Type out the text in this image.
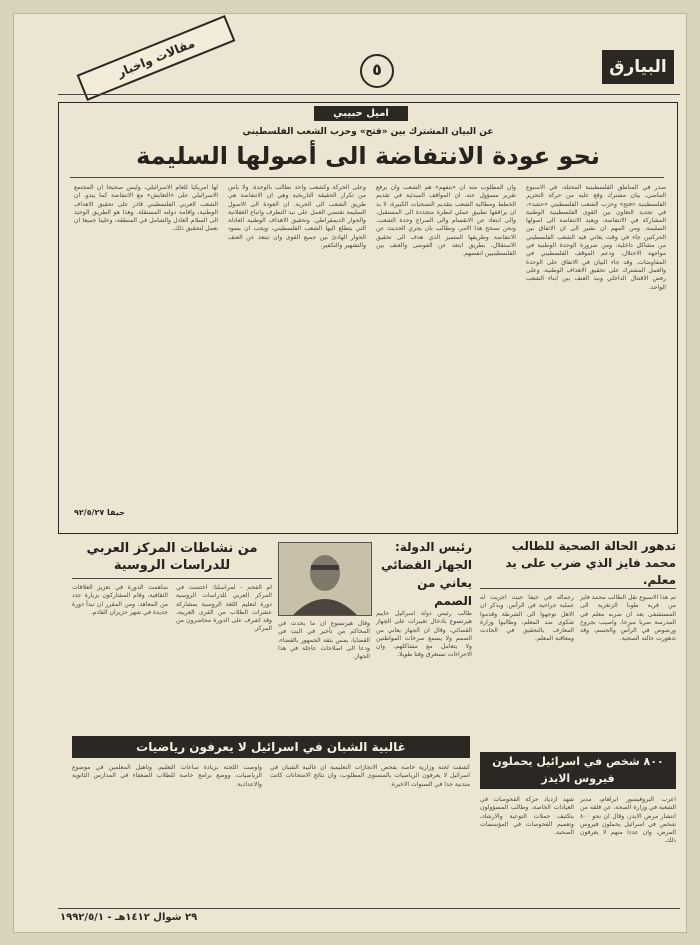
مقالات واخبار	٥	البيارق
اميل حبيبي
عن البيان المشترك بين «فتح» وحزب الشعب الفلسطيني
نحو عودة الانتفاضة الى أصولها السليمة
صدر في المناطق الفلسطينية المحتلة، في الاسبوع الماضي، بيان مشترك وقع عليه من حركة التحرير الفلسطينية «فتح» وحزب الشعب الفلسطيني «حشد»، في تجديد التعاون بين القوى الفلسطينية الوطنية المشاركة في الانتفاضة، ويعيد الانتفاضة الى اصولها السليمة. ومن المهم ان نشير الى ان الاتفاق بين الحركتين جاء في وقت يعاني فيه الشعب الفلسطيني من مشاكل داخلية، ومن ضرورة الوحدة الوطنية في مواجهة الاحتلال، ودعم الموقف الفلسطيني في المفاوضات. وقد جاء البيان في الاتفاق على الوحدة والعمل المشترك على تحقيق الاهداف الوطنية، وعلى رفض الاقتتال الداخلي ونبذ العنف بين ابناء الشعب الواحد.
وان المطلوب منه ان «يتفهم» هم الشعب وان يرفع تقرير مسؤول عنه. ان المواقف المبدئية في تقديم الخطط ومطالبة الشعب بتقديم التضحيات الكبيرة، لا بد ان يرافقها تطبيق عملي لنظرة متجددة الى المستقبل، والى ابتعاد عن الانقسام والى الصراع وحدة الشعب. ونحن نصحح هذا الامر، ونطالب بان يجري الحديث عن الانتفاضة وطريقها المتميز الذي هدف الى تحقيق الاستقلال، بطريق ابتعد عن الفوضى والعنف بين الفلسطينيين انفسهم.
وعلى الحركة وكشعب واحد نطالب بالوحدة. ولا يأس من تكرار الحقيقة التاريخية وهي ان الانتفاضة هي طريق الشعب الى الحرية. ان العودة الى الاصول السليمة تقتضي العمل على نبذ التطرف واتباع العقلانية والحوار الديمقراطي. وتحقيق الاهداف الوطنية العادلة التي يتطلع اليها الشعب الفلسطيني، ويجب ان يسود الحوار الهادئ بين جميع القوى وان تبتعد عن العنف والتشهير والتكفير.
لها امريكيا للعام الاسرائيلي، وليس صحيحا ان المجتمع الاسرائيلي على «التعايش» مع الانتفاضة كما يبدو. ان الشعب العربي الفلسطيني قادر على تحقيق الاهداف الوطنية، واقامة دولته المستقلة. وهذا هو الطريق الوحيد الى السلام العادل والشامل في المنطقة، وعلينا جميعا ان نعمل لتحقيق ذلك.
حيفا ٩٢/٥/٢٧
تدهور الحالة الصحية للطالب محمد فايز الذي ضرب على يد معلم.
تم هذا الاسبوع نقل الطالب محمد فايز من قرية طوبا الزنغرية الى المستشفى بعد ان ضربه معلم في المدرسة ضربا مبرحا، واصيب بجروح ورضوض في الرأس والجسم، وقد تدهورت حالته الصحية.
رجماله في حيفا حيث اجريت له عملية جراحية في الرأس. ويذكر ان الاهل توجهوا الى الشرطة وقدموا شكوى ضد المعلم، وطالبوا وزارة المعارف بالتحقيق في الحادث ومعاقبة المعلم.
رئيس الدولة: الجهاز القضائي يعاني من الصمم
طالب رئيس دولة اسرائيل حاييم هيرتسوغ بادخال تغييرات على الجهاز القضائي، وقال ان الجهاز يعاني من الصمم ولا يسمع صرخات المواطنين ولا يتعامل مع مشاكلهم، وان الاجراءات تستغرق وقتا طويلا.
وقال هيرتسوغ ان ما يحدث في المحاكم من تأخير في البت في القضايا، يمس بثقة الجمهور بالقضاء، ودعا الى اصلاحات عاجلة في هذا الجهاز.
من نشاطات المركز العربي للدراسات الروسية
ام الفحم - لمراسلنا: اختتمت في المركز العربي للدراسات الروسية دورة لتعليم اللغة الروسية بمشاركة عشرات الطلاب من القرى العربية، وقد اشرف على الدورة محاضرون من المركز.
ساهمت الدورة في تعزيز العلاقات الثقافية، وقام المشاركون بزيارة عدد من المعاهد، ومن المقرر ان تبدأ دورة جديدة في شهر حزيران القادم.
٨٠٠ شخص في اسرائيل يحملون فيروس الايدز
اعرب البروفيسور ابراهام، مدير الشعبة في وزارة الصحة، عن قلقه من انتشار مرض الايدز، وقال ان نحو ٨٠٠ شخص في اسرائيل يحملون فيروس المرض، وان عددا منهم لا يعرفون ذلك.
شهد ازدياد حركة الفحوصات في العيادات الخاصة، وطالب المسؤولون بتكثيف حملات التوعية والارشاد، وتعميم الفحوصات في المؤسسات الصحية.
غالبية الشبان في اسرائيل لا يعرفون رياضيات
كشفت لجنة وزارية خاصة بفحص الانجازات التعليمية ان غالبية الشبان في اسرائيل لا يعرفون الرياضيات بالمستوى المطلوب، وان نتائج الامتحانات كانت متدنية جدا في السنوات الاخيرة.
واوصت اللجنة بزيادة ساعات التعليم، وتأهيل المعلمين في موضوع الرياضيات، ووضع برامج خاصة للطلاب الضعفاء في المدارس الثانوية والاعدادية.
٢٩ شوال ١٤١٢هـ - ١٩٩٢/٥/١
